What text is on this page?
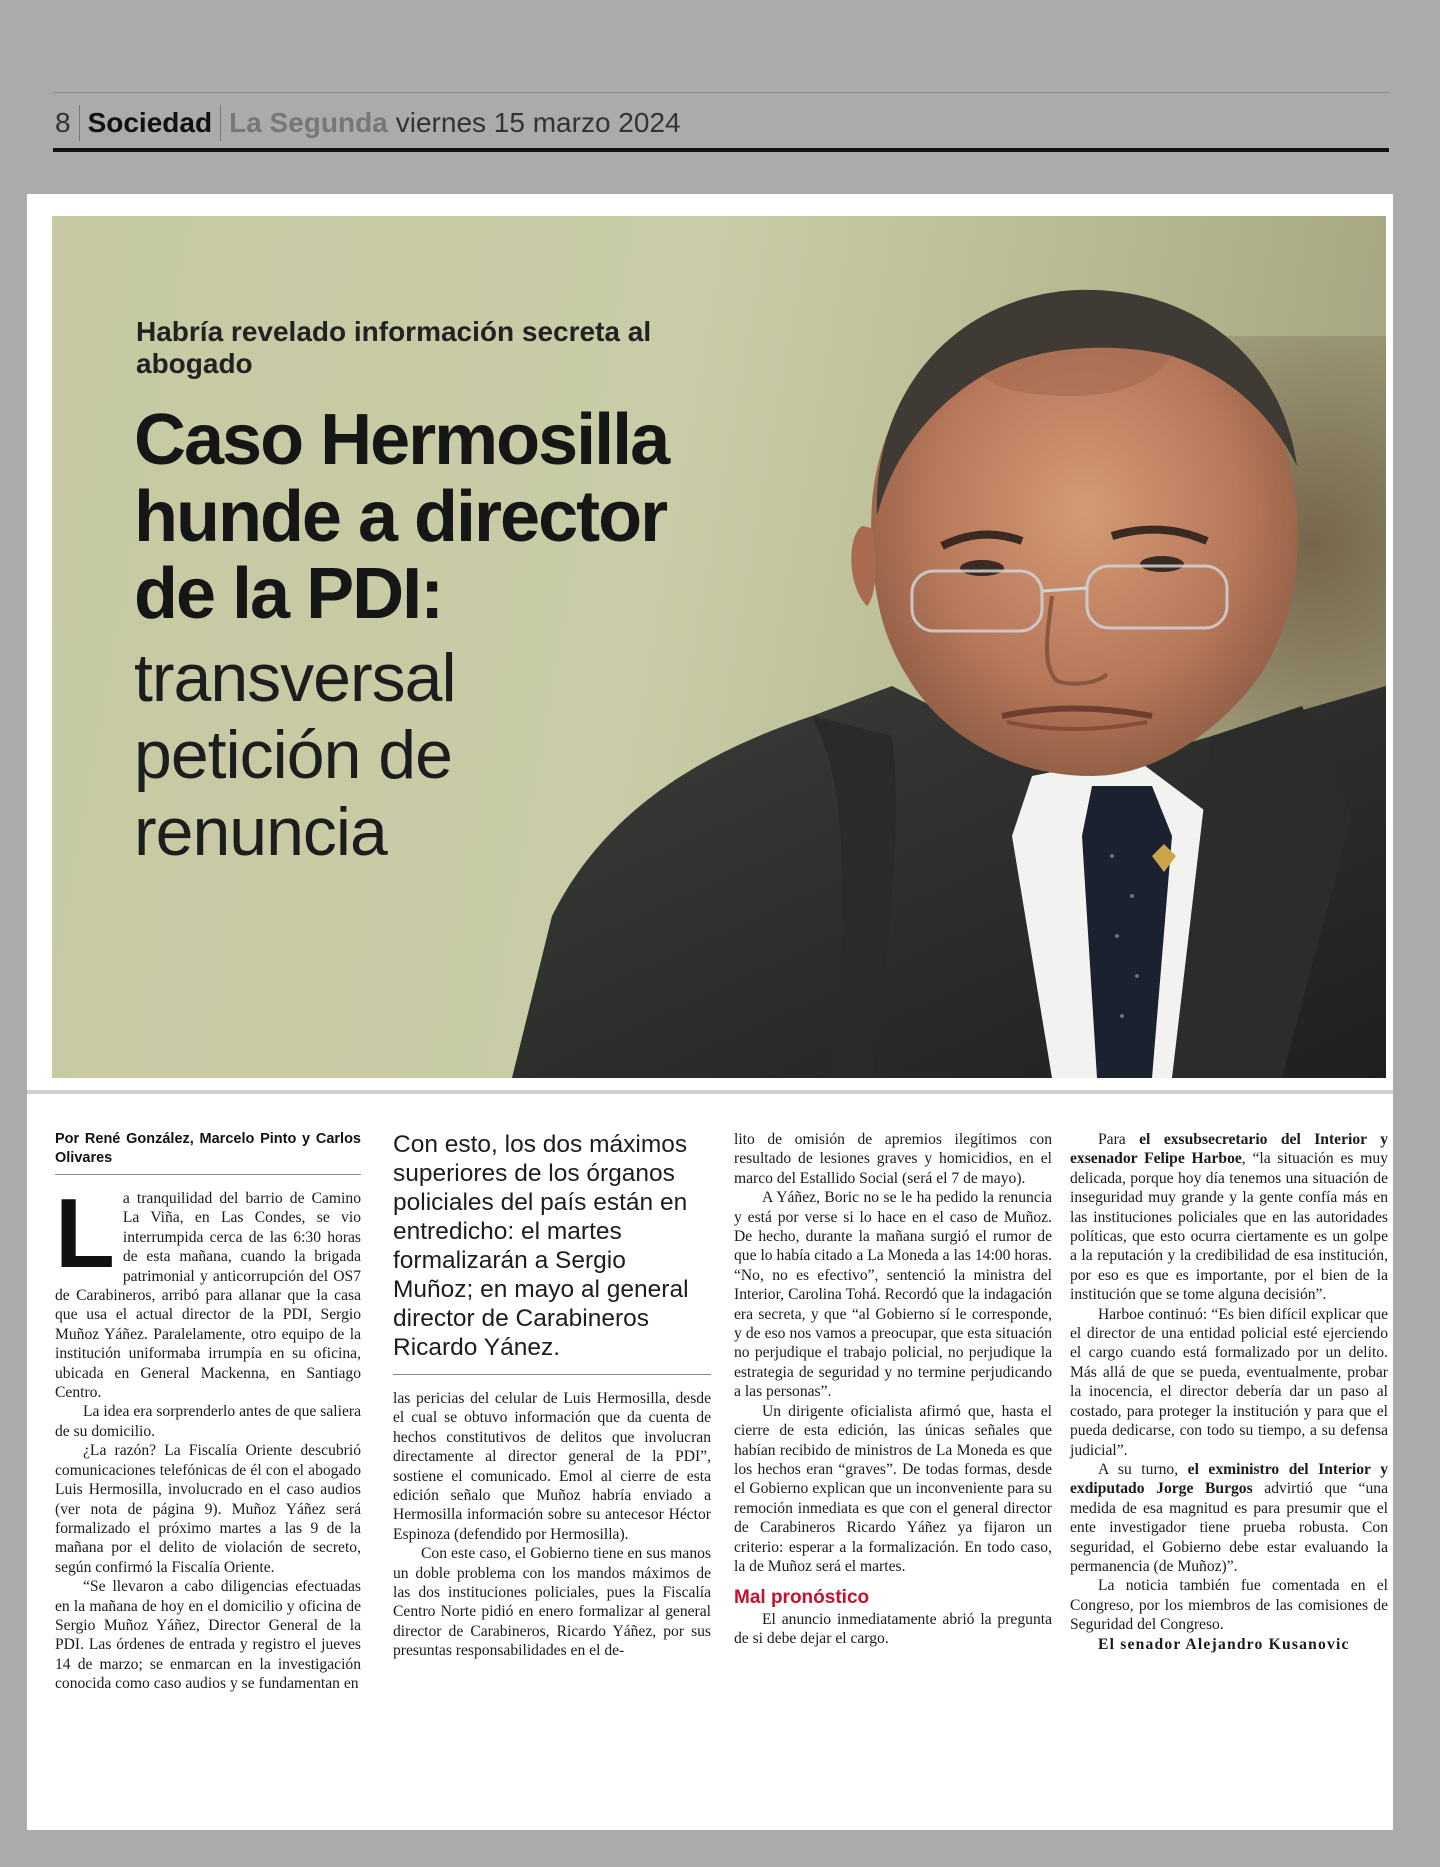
8 Sociedad La Segunda viernes 15 marzo 2024
Habría revelado información secreta al abogado
Caso Hermosilla hunde a director de la PDI:
transversal petición de renuncia
Por René González, Marcelo Pinto y Carlos Olivares

La tranquilidad del barrio de Camino La Viña, en Las Condes, se vio interrumpida cerca de las 6:30 horas de esta mañana, cuando la brigada patrimonial y anticorrupción del OS7 de Carabineros, arribó para allanar que la casa que usa el actual director de la PDI, Sergio Muñoz Yáñez. Paralelamente, otro equipo de la institución uniformaba irrumpía en su oficina, ubicada en General Mackenna, en Santiago Centro.

La idea era sorprenderlo antes de que saliera de su domicilio.

¿La razón? La Fiscalía Oriente descubrió comunicaciones telefónicas de él con el abogado Luis Hermosilla, involucrado en el caso audios (ver nota de página 9). Muñoz Yáñez será formalizado el próximo martes a las 9 de la mañana por el delito de violación de secreto, según confirmó la Fiscalía Oriente.

“Se llevaron a cabo diligencias efectuadas en la mañana de hoy en el domicilio y oficina de Sergio Muñoz Yáñez, Director General de la PDI. Las órdenes de entrada y registro el jueves 14 de marzo; se enmarcan en la investigación conocida como caso audios y se fundamentan en

Con esto, los dos máximos superiores de los órganos policiales del país están en entredicho: el martes formalizarán a Sergio Muñoz; en mayo al general director de Carabineros Ricardo Yánez.

las pericias del celular de Luis Hermosilla, desde el cual se obtuvo información que da cuenta de hechos constitutivos de delitos que involucran directamente al director general de la PDI”, sostiene el comunicado. Emol al cierre de esta edición señalo que Muñoz habría enviado a Hermosilla información sobre su antecesor Héctor Espinoza (defendido por Hermosilla).

Con este caso, el Gobierno tiene en sus manos un doble problema con los mandos máximos de las dos instituciones policiales, pues la Fiscalía Centro Norte pidió en enero formalizar al general director de Carabineros, Ricardo Yáñez, por sus presuntas responsabilidades en el de-

lito de omisión de apremios ilegítimos con resultado de lesiones graves y homicidios, en el marco del Estallido Social (será el 7 de mayo).

A Yáñez, Boric no se le ha pedido la renuncia y está por verse si lo hace en el caso de Muñoz. De hecho, durante la mañana surgió el rumor de que lo había citado a La Moneda a las 14:00 horas. “No, no es efectivo”, sentenció la ministra del Interior, Carolina Tohá. Recordó que la indagación era secreta, y que “al Gobierno sí le corresponde, y de eso nos vamos a preocupar, que esta situación no perjudique el trabajo policial, no perjudique la estrategia de seguridad y no termine perjudicando a las personas”.

Un dirigente oficialista afirmó que, hasta el cierre de esta edición, las únicas señales que habían recibido de ministros de La Moneda es que los hechos eran “graves”. De todas formas, desde el Gobierno explican que un inconveniente para su remoción inmediata es que con el general director de Carabineros Ricardo Yáñez ya fijaron un criterio: esperar a la formalización. En todo caso, la de Muñoz será el martes.

Mal pronóstico

El anuncio inmediatamente abrió la pregunta de si debe dejar el cargo.

Para el exsubsecretario del Interior y exsenador Felipe Harboe, “la situación es muy delicada, porque hoy día tenemos una situación de inseguridad muy grande y la gente confía más en las instituciones policiales que en las autoridades políticas, que esto ocurra ciertamente es un golpe a la reputación y la credibilidad de esa institución, por eso es que es importante, por el bien de la institución que se tome alguna decisión”.

Harboe continuó: “Es bien difícil explicar que el director de una entidad policial esté ejerciendo el cargo cuando está formalizado por un delito. Más allá de que se pueda, eventualmente, probar la inocencia, el director debería dar un paso al costado, para proteger la institución y para que el pueda dedicarse, con todo su tiempo, a su defensa judicial”.

A su turno, el exministro del Interior y exdiputado Jorge Burgos advirtió que “una medida de esa magnitud es para presumir que el ente investigador tiene prueba robusta. Con seguridad, el Gobierno debe estar evaluando la permanencia (de Muñoz)”.

La noticia también fue comentada en el Congreso, por los miembros de las comisiones de Seguridad del Congreso.

El senador Alejandro Kusanovic
